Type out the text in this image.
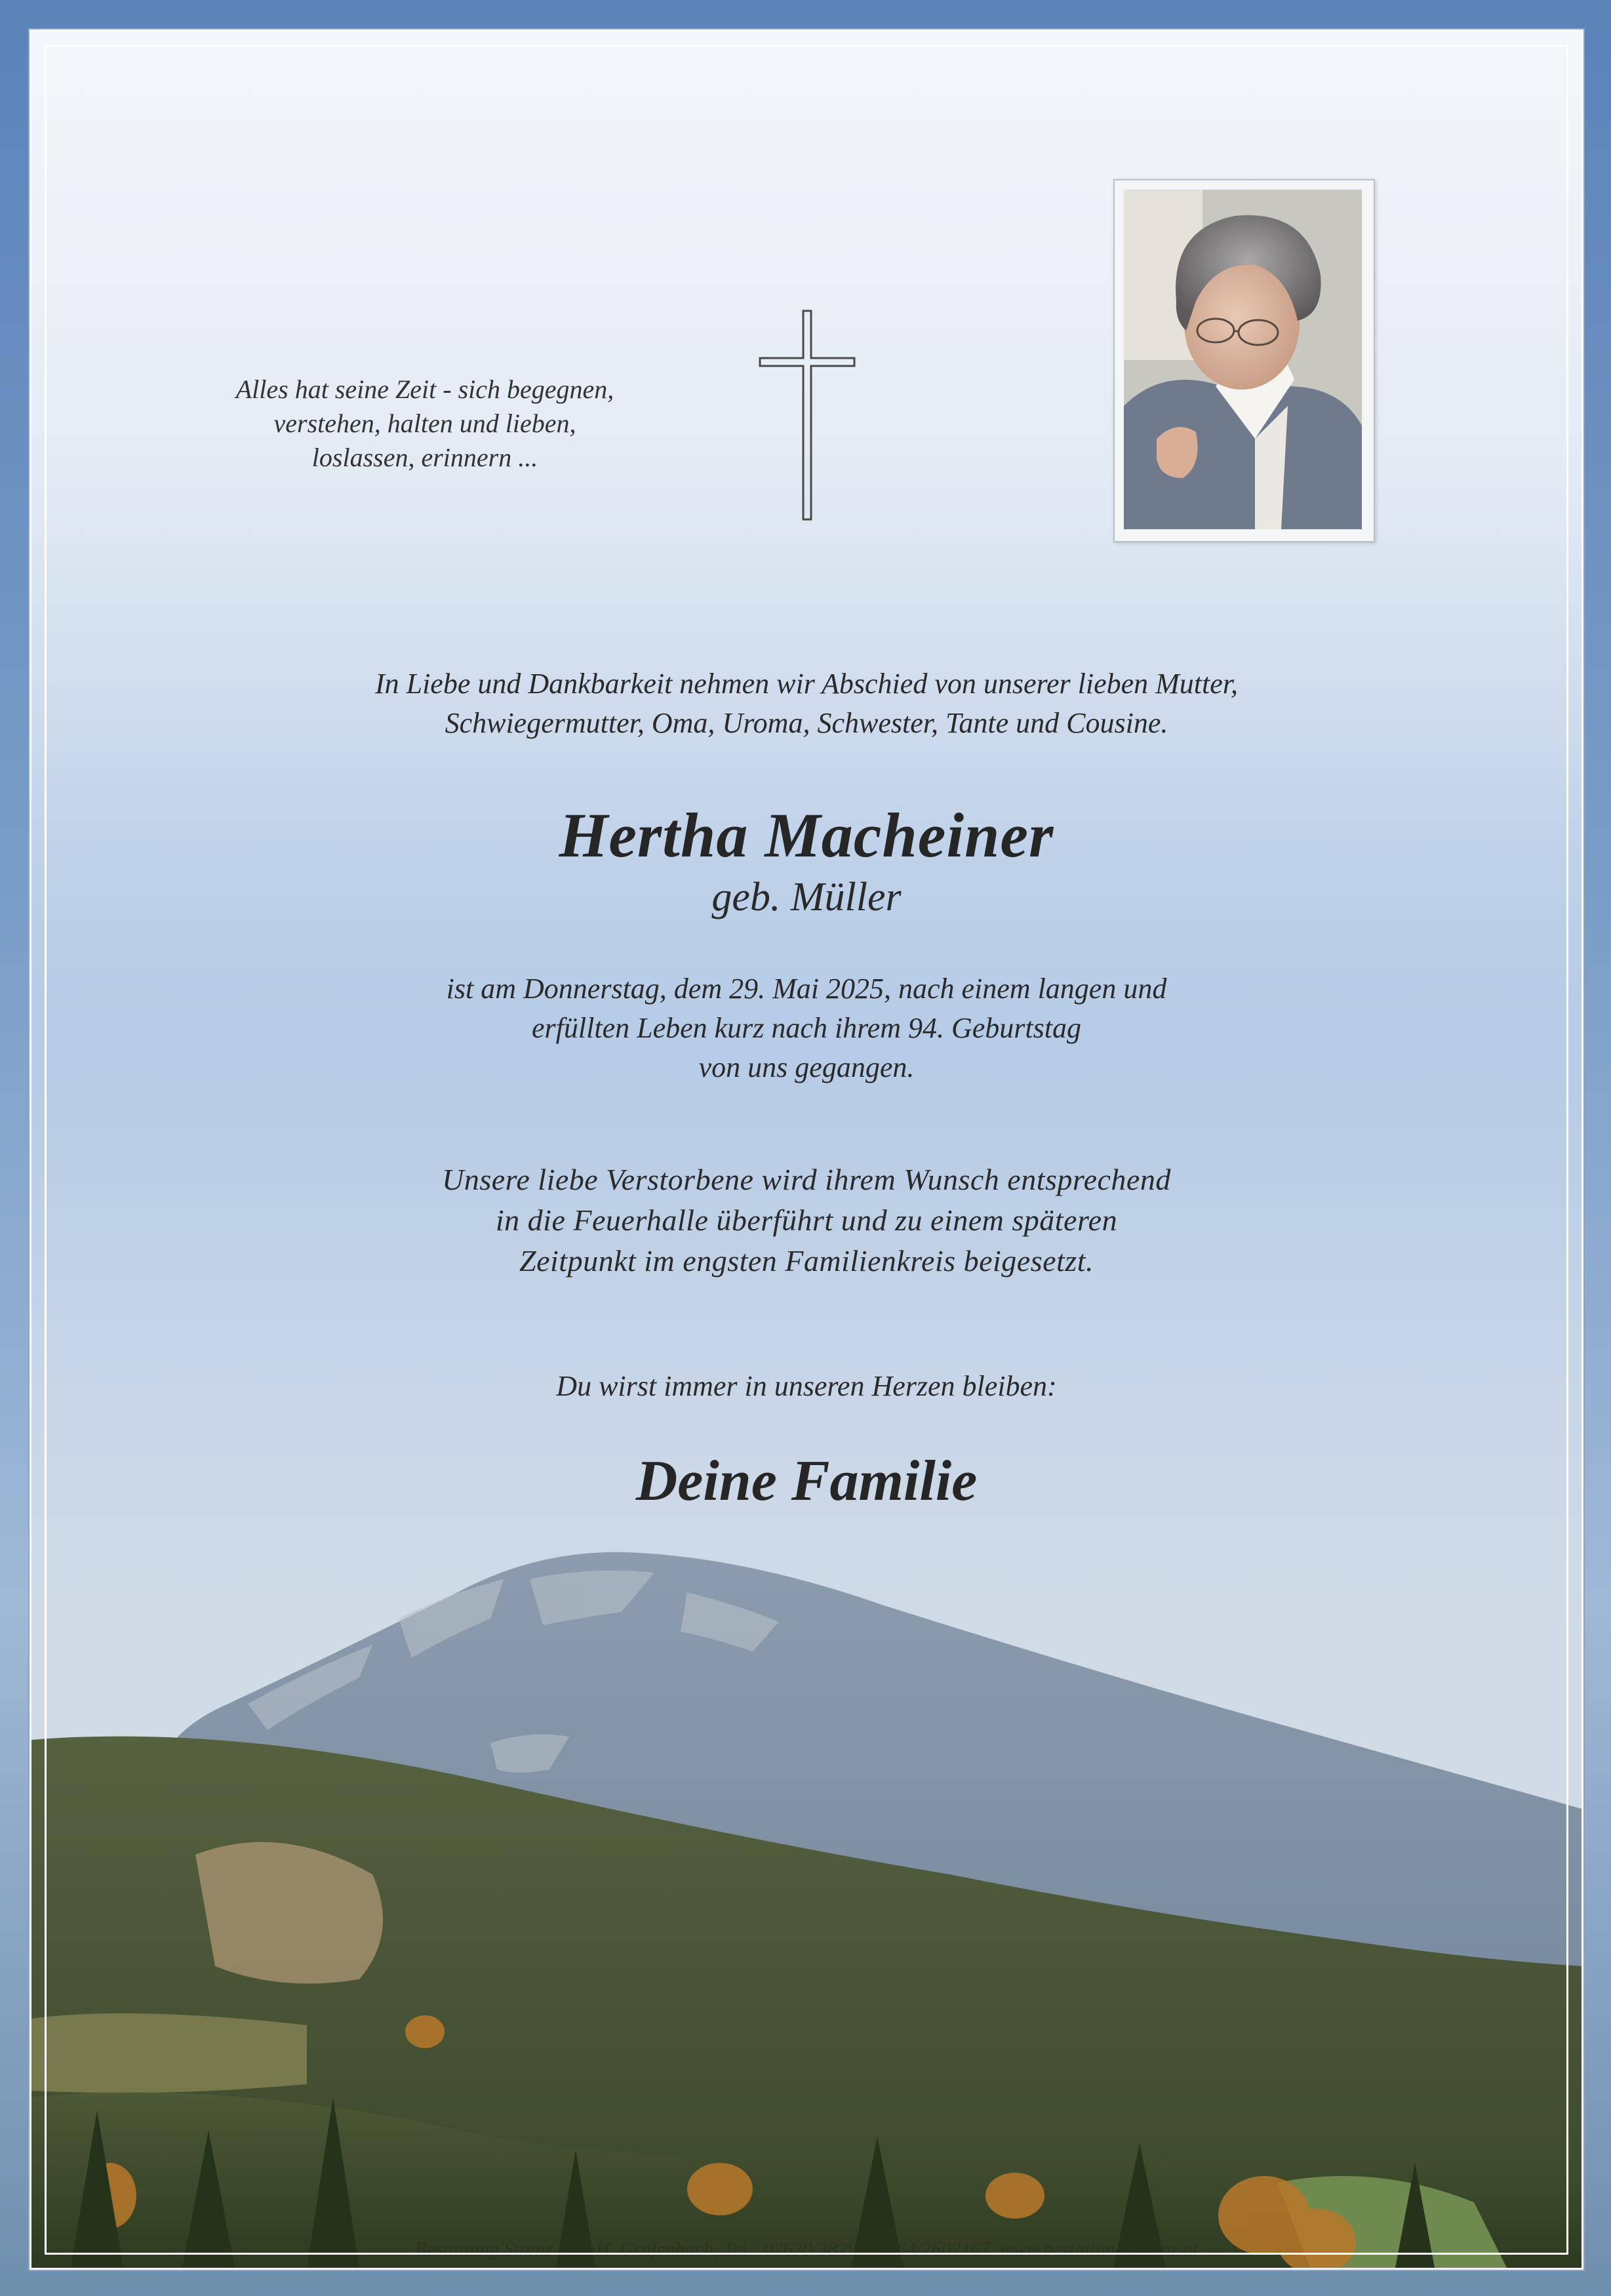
Alles hat seine Zeit - sich begegnen,
verstehen, halten und lieben,
loslassen, erinnern ...
In Liebe und Dankbarkeit nehmen wir Abschied von unserer lieben Mutter,
Schwiegermutter, Oma, Uroma, Schwester, Tante und Cousine.
Hertha Macheiner
geb. Müller
ist am Donnerstag, dem 29. Mai 2025, nach einem langen und
erfüllten Leben kurz nach ihrem 94. Geburtstag
von uns gegangen.
Unsere liebe Verstorbene wird ihrem Wunsch entsprechend
in die Feuerhalle überführt und zu einem späteren
Zeitpunkt im engsten Familienkreis beigesetzt.
Du wirst immer in unseren Herzen bleiben:
Deine Familie
Bestattung Strenz GmbH, Grafenbach, Tel.: 02630/38292, 0664/2602167, www.bestattung-strenz.at
